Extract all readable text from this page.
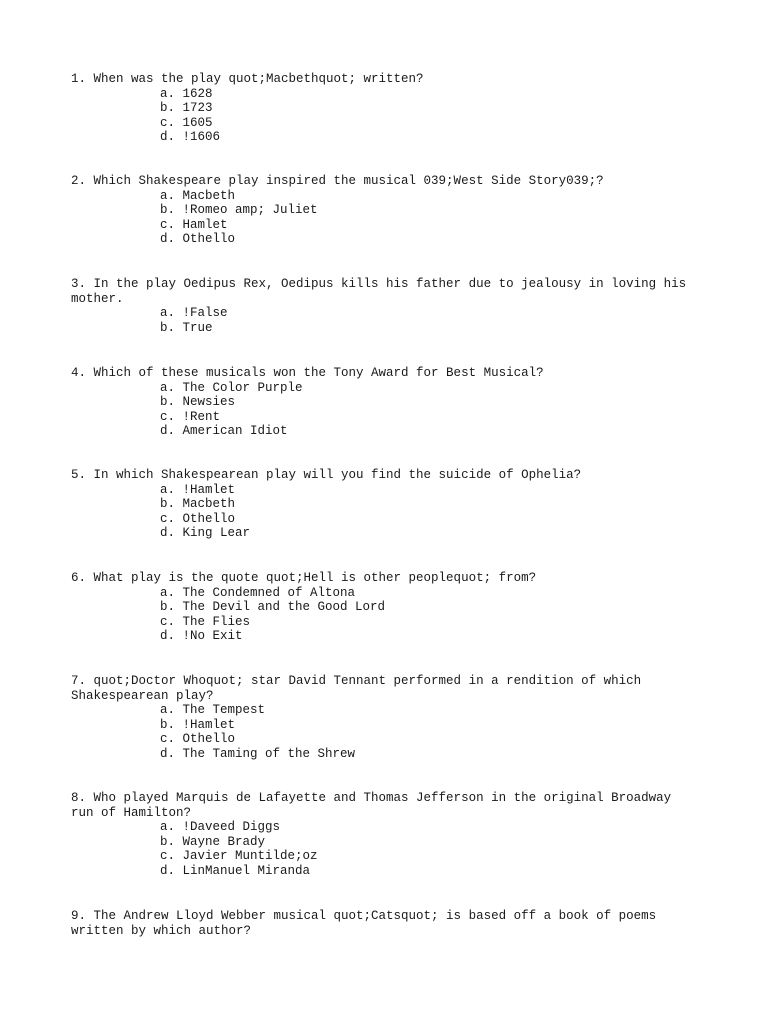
1. When was the play quot;Macbethquot; written?
a. 1628
b. 1723
c. 1605
d. !1606
2. Which Shakespeare play inspired the musical 039;West Side Story039;?
a. Macbeth
b. !Romeo amp; Juliet
c. Hamlet
d. Othello
3. In the play Oedipus Rex, Oedipus kills his father due to jealousy in loving his mother.
a. !False
b. True
4. Which of these musicals won the Tony Award for Best Musical?
a. The Color Purple
b. Newsies
c. !Rent
d. American Idiot
5. In which Shakespearean play will you find the suicide of Ophelia?
a. !Hamlet
b. Macbeth
c. Othello
d. King Lear
6. What play is the quote quot;Hell is other peoplequot; from?
a. The Condemned of Altona
b. The Devil and the Good Lord
c. The Flies
d. !No Exit
7. quot;Doctor Whoquot; star David Tennant performed in a rendition of which Shakespearean play?
a. The Tempest
b. !Hamlet
c. Othello
d. The Taming of the Shrew
8. Who played Marquis de Lafayette and Thomas Jefferson in the original Broadway run of Hamilton?
a. !Daveed Diggs
b. Wayne Brady
c. Javier Muntilde;oz
d. LinManuel Miranda
9. The Andrew Lloyd Webber musical quot;Catsquot; is based off a book of poems written by which author?
